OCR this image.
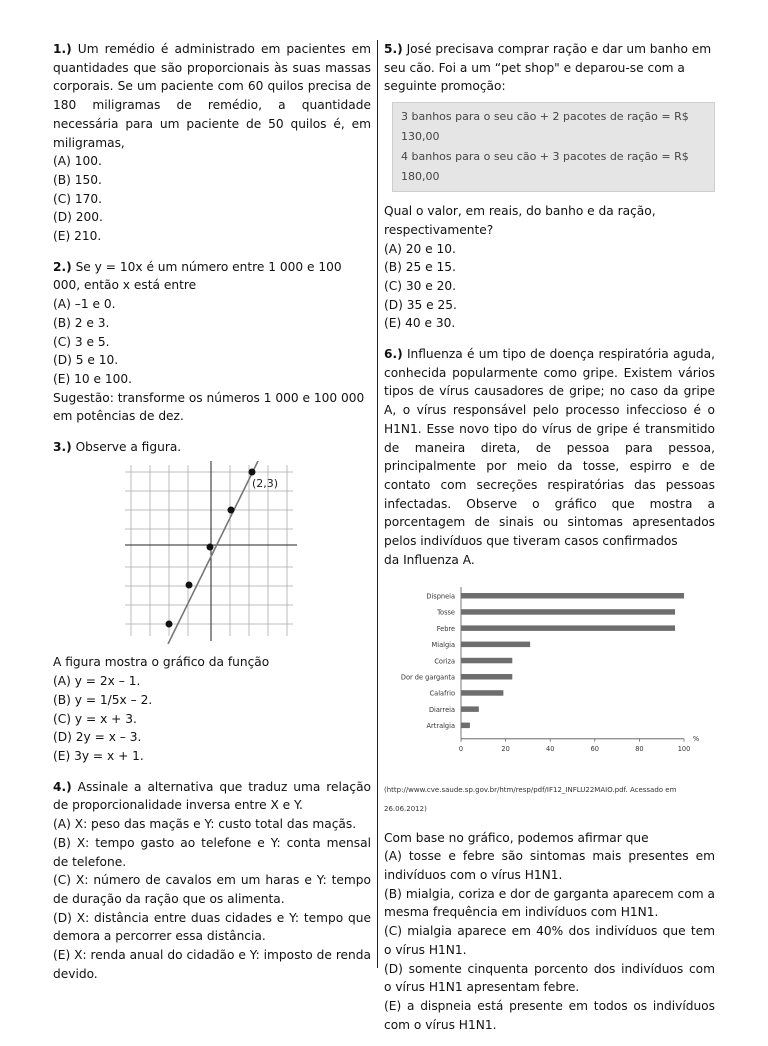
1.) Um remédio é administrado em pacientes em quantidades que são proporcionais às suas massas corporais. Se um paciente com 60 quilos precisa de 180 miligramas de remédio, a quantidade necessária para um paciente de 50 quilos é, em miligramas,

(A) 100.

(B) 150.

(C) 170.

(D) 200.

(E) 210.

2.) Se y = 10x é um número entre 1 000 e 100 000, então x está entre

(A) –1 e 0.

(B) 2 e 3.

(C) 3 e 5.

(D) 5 e 10.

(E) 10 e 100.

Sugestão: transforme os números 1 000 e 100 000 em potências de dez.

3.) Observe a figura.

(2,3)

A figura mostra o gráfico da função

(A) y = 2x – 1.

(B) y = 1/5x – 2.

(C) y = x + 3.

(D) 2y = x – 3.

(E) 3y = x + 1.

4.) Assinale a alternativa que traduz uma relação de proporcionalidade inversa entre X e Y.

(A) X: peso das maçãs e Y: custo total das maçãs.

(B) X: tempo gasto ao telefone e Y: conta mensal de telefone.

(C) X: número de cavalos em um haras e Y: tempo de duração da ração que os alimenta.

(D) X: distância entre duas cidades e Y: tempo que demora a percorrer essa distância.

(E) X: renda anual do cidadão e Y: imposto de renda devido.

5.) José precisava comprar ração e dar um banho em seu cão. Foi a um “pet shop" e deparou-se com a seguinte promoção:

3 banhos para o seu cão + 2 pacotes de ração = R$ 130,00
4 banhos para o seu cão + 3 pacotes de ração = R$ 180,00

Qual o valor, em reais, do banho e da ração, respectivamente?

(A) 20 e 10.

(B) 25 e 15.

(C) 30 e 20.

(D) 35 e 25.

(E) 40 e 30.

6.) Influenza é um tipo de doença respiratória aguda, conhecida popularmente como gripe. Existem vários tipos de vírus causadores de gripe; no caso da gripe A, o vírus responsável pelo processo infeccioso é o H1N1. Esse novo tipo do vírus de gripe é transmitido de maneira direta, de pessoa para pessoa, principalmente por meio da tosse, espirro e de contato com secreções respiratórias das pessoas infectadas. Observe o gráfico que mostra a porcentagem de sinais ou sintomas apresentados pelos indivíduos que tiveram casos confirmados

da Influenza A.

Dispneia
Tosse
Febre
Mialgia
Coriza
Dor de garganta
Calafrio
Diarreia
Artralgia
0	20	40	60	80	100
%

(http://www.cve.saude.sp.gov.br/htm/resp/pdf/IF12_INFLU22MAIO.pdf. Acessado em 26.06.2012)

Com base no gráfico, podemos afirmar que

(A) tosse e febre são sintomas mais presentes em indivíduos com o vírus H1N1.

(B) mialgia, coriza e dor de garganta aparecem com a mesma frequência em indivíduos com H1N1.

(C) mialgia aparece em 40% dos indivíduos que tem o vírus H1N1.

(D) somente cinquenta porcento dos indivíduos com o vírus H1N1 apresentam febre.

(E) a dispneia está presente em todos os indivíduos com o vírus H1N1.
